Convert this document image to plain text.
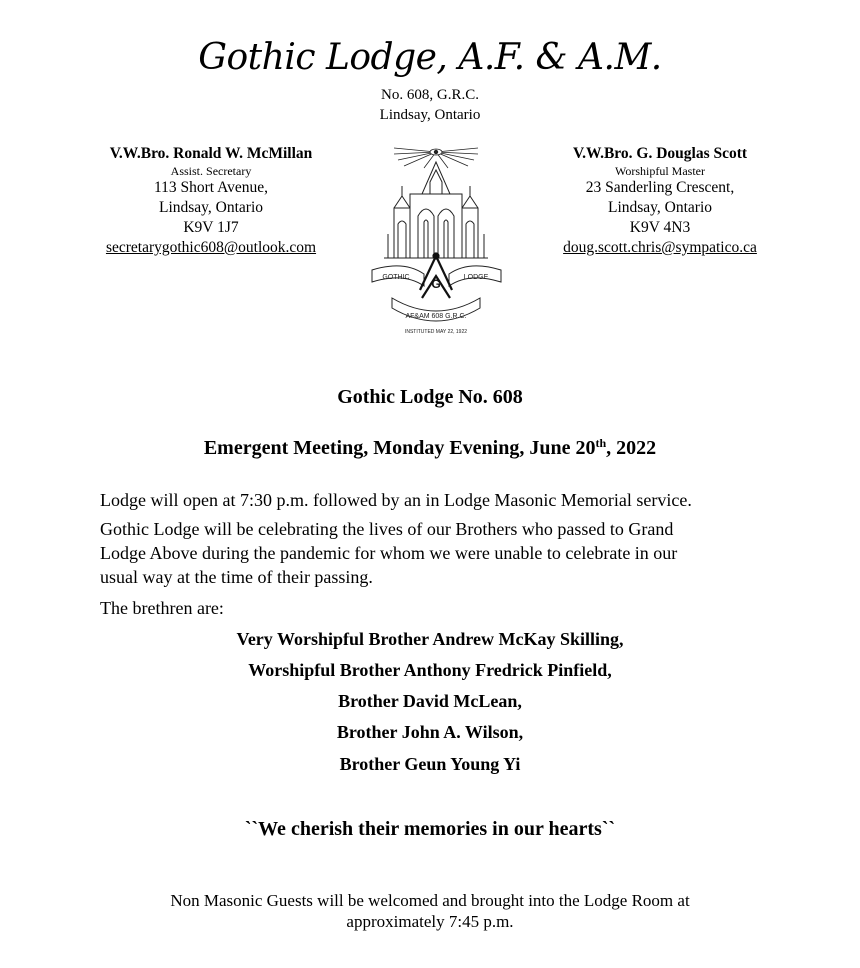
Gothic Lodge, A.F. & A.M.
No. 608, G.R.C.
Lindsay, Ontario
V.W.Bro. Ronald W. McMillan
Assist. Secretary
113 Short Avenue,
Lindsay, Ontario
K9V 1J7
secretarygothic608@outlook.com
V.W.Bro. G. Douglas Scott
Worshipful Master
23 Sanderling Crescent,
Lindsay, Ontario
K9V 4N3
doug.scott.chris@sympatico.ca
GOTHIC	LODGE
G
AF&AM 608 G.R.C.
INSTITUTED MAY 22, 1922
Gothic Lodge No. 608
Emergent Meeting, Monday Evening, June 20th, 2022
Lodge will open at 7:30 p.m. followed by an in Lodge Masonic Memorial service.
Gothic Lodge will be celebrating the lives of our Brothers who passed to Grand
Lodge Above during the pandemic for whom we were unable to celebrate in our
usual way at the time of their passing.
The brethren are:
Very Worshipful Brother Andrew McKay Skilling,
Worshipful Brother Anthony Fredrick Pinfield,
Brother David McLean,
Brother John A. Wilson,
Brother Geun Young Yi
``We cherish their memories in our hearts``
Non Masonic Guests will be welcomed and brought into the Lodge Room at
approximately 7:45 p.m.
